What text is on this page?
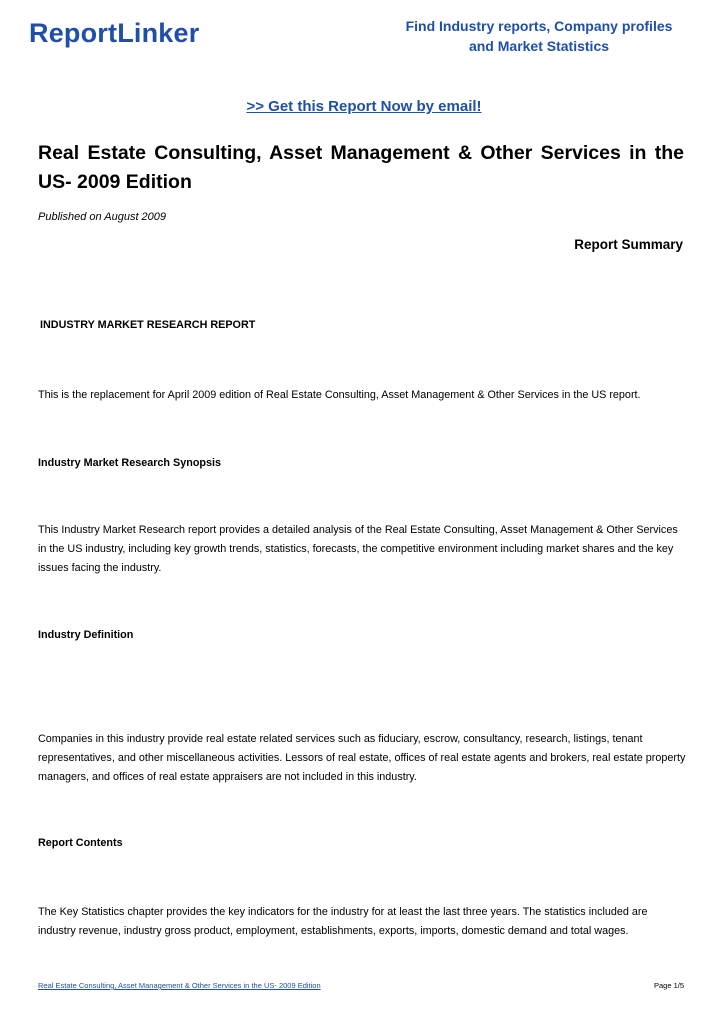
ReportLinker	Find Industry reports, Company profiles
and Market Statistics
>> Get this Report Now by email!
Real Estate Consulting, Asset Management & Other Services in the US- 2009 Edition

Published on August 2009

Report Summary

INDUSTRY MARKET RESEARCH REPORT

This is the replacement for April 2009 edition of Real Estate Consulting, Asset Management & Other Services in the US report.

Industry Market Research Synopsis

This Industry Market Research report provides a detailed analysis of the Real Estate Consulting, Asset Management & Other Services in the US industry, including key growth trends, statistics, forecasts, the competitive environment including market shares and the key issues facing the industry.

Industry Definition

Companies in this industry provide real estate related services such as fiduciary, escrow, consultancy, research, listings, tenant representatives, and other miscellaneous activities. Lessors of real estate, offices of real estate agents and brokers, real estate property managers, and offices of real estate appraisers are not included in this industry.

Report Contents

The Key Statistics chapter provides the key indicators for the industry for at least the last three years. The statistics included are industry revenue, industry gross product, employment, establishments, exports, imports, domestic demand and total wages.

Real Estate Consulting, Asset Management & Other Services in the US- 2009 Edition	Page 1/5
